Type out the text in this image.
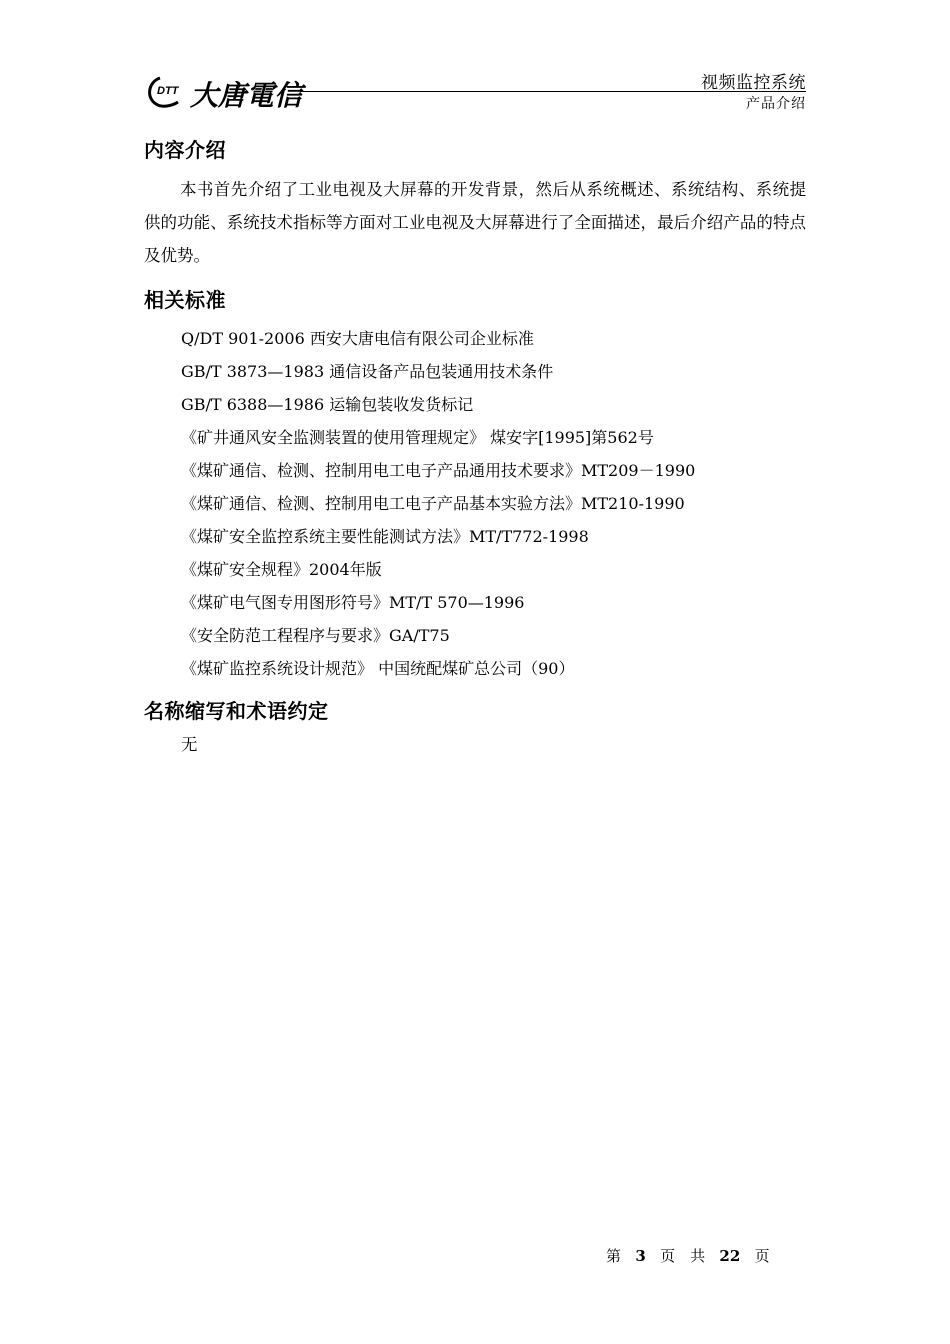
DTT 大唐電信	视频监控系统
产品介绍
内容介绍
本书首先介绍了工业电视及大屏幕的开发背景，然后从系统概述、系统结构、系统提供的功能、系统技术指标等方面对工业电视及大屏幕进行了全面描述，最后介绍产品的特点及优势。
相关标准
Q/DT 901-2006 西安大唐电信有限公司企业标准
GB/T 3873—1983 通信设备产品包装通用技术条件
GB/T 6388—1986 运输包装收发货标记
《矿井通风安全监测装置的使用管理规定》 煤安字[1995]第562号
《煤矿通信、检测、控制用电工电子产品通用技术要求》MT209－1990
《煤矿通信、检测、控制用电工电子产品基本实验方法》MT210-1990
《煤矿安全监控系统主要性能测试方法》MT/T772-1998
《煤矿安全规程》2004年版
《煤矿电气图专用图形符号》MT/T 570—1996
《安全防范工程程序与要求》GA/T75
《煤矿监控系统设计规范》 中国统配煤矿总公司（90）
名称缩写和术语约定
无
第 3 页　共 22 页
